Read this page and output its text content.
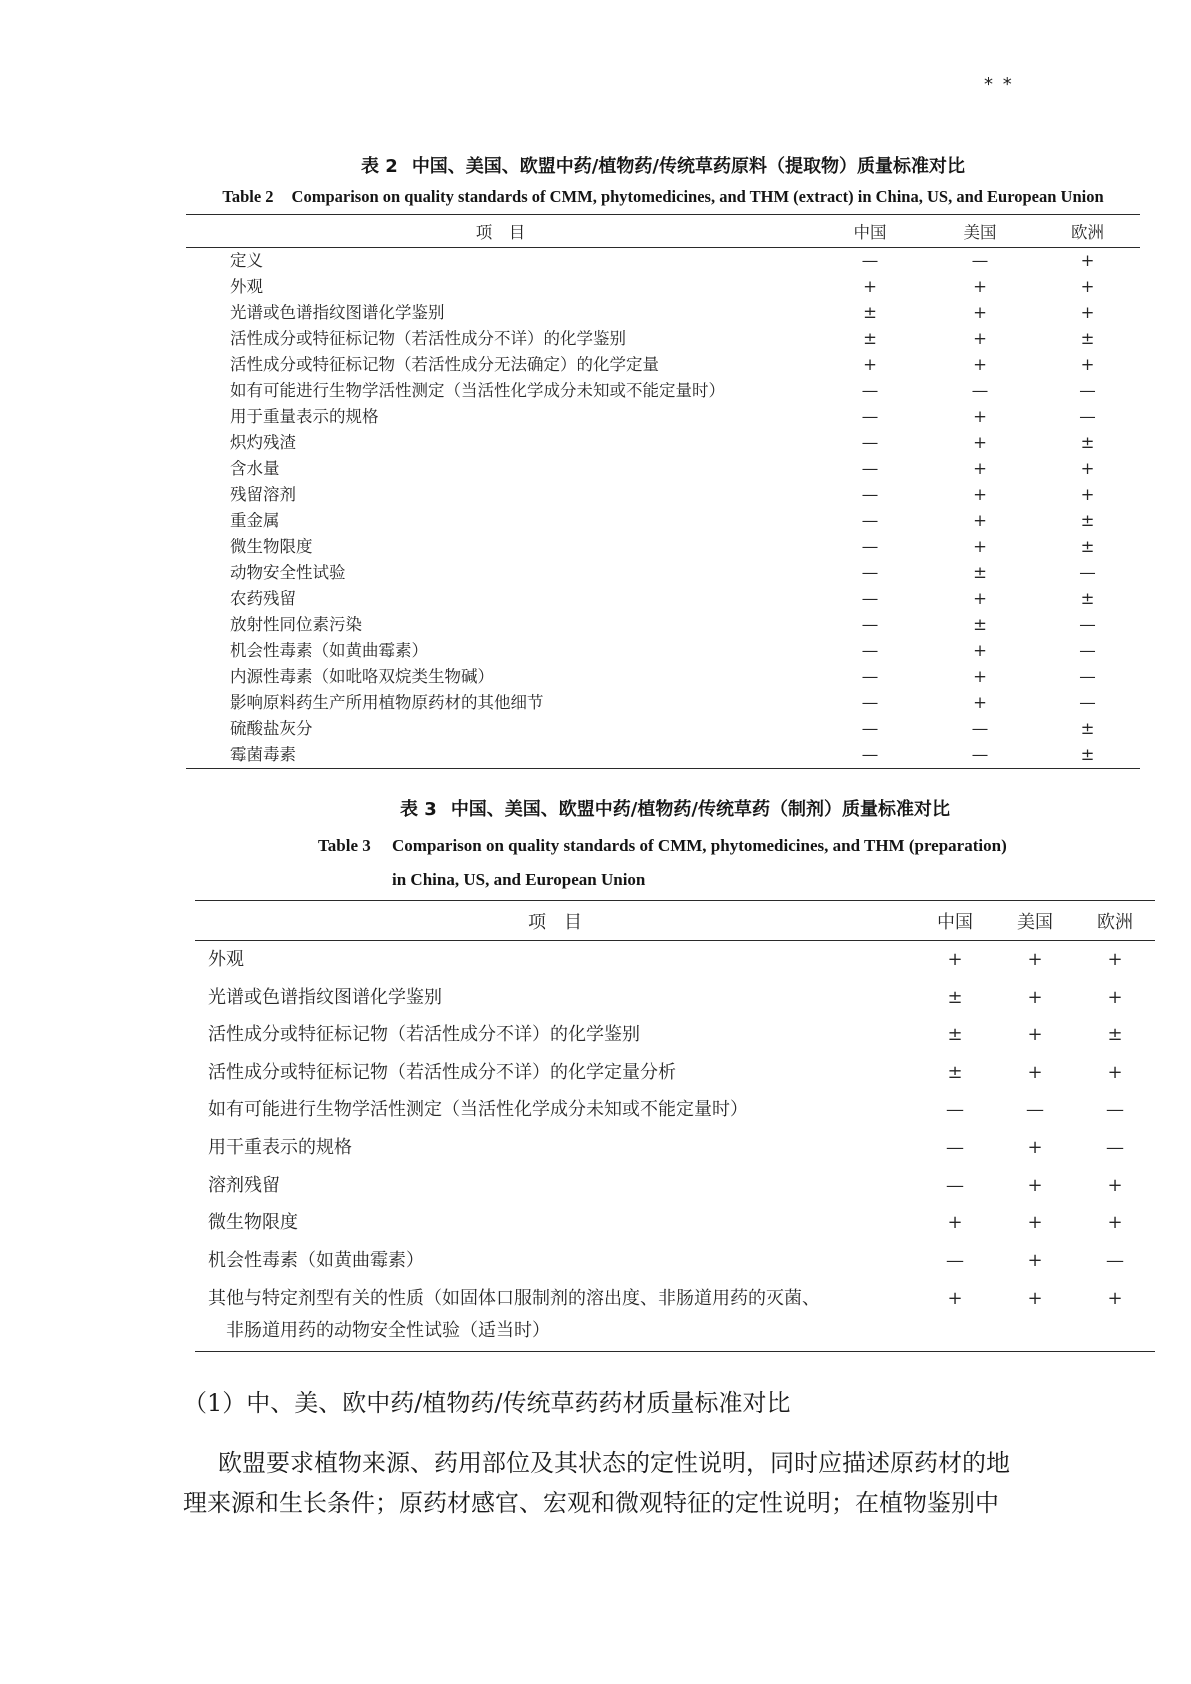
* *
表 2 中国、美国、欧盟中药/植物药/传统草药原料（提取物）质量标准对比
Table 2 Comparison on quality standards of CMM, phytomedicines, and THM (extract) in China, US, and European Union
项　目	中国	美国	欧洲
定义	—	—	+
外观	+	+	+
光谱或色谱指纹图谱化学鉴别	±	+	+
活性成分或特征标记物（若活性成分不详）的化学鉴别	±	+	±
活性成分或特征标记物（若活性成分无法确定）的化学定量	+	+	+
如有可能进行生物学活性测定（当活性化学成分未知或不能定量时）	—	—	—
用于重量表示的规格	—	+	—
炽灼残渣	—	+	±
含水量	—	+	+
残留溶剂	—	+	+
重金属	—	+	±
微生物限度	—	+	±
动物安全性试验	—	±	—
农药残留	—	+	±
放射性同位素污染	—	±	—
机会性毒素（如黄曲霉素）	—	+	—
内源性毒素（如吡咯双烷类生物碱）	—	+	—
影响原料药生产所用植物原药材的其他细节	—	+	—
硫酸盐灰分	—	—	±
霉菌毒素	—	—	±
表 3 中国、美国、欧盟中药/植物药/传统草药（制剂）质量标准对比
Table 3 Comparison on quality standards of CMM, phytomedicines, and THM (preparation)
in China, US, and European Union
项　目	中国	美国	欧洲
外观	+	+	+
光谱或色谱指纹图谱化学鉴别	±	+	+
活性成分或特征标记物（若活性成分不详）的化学鉴别	±	+	±
活性成分或特征标记物（若活性成分不详）的化学定量分析	±	+	+
如有可能进行生物学活性测定（当活性化学成分未知或不能定量时）	—	—	—
用干重表示的规格	—	+	—
溶剂残留	—	+	+
微生物限度	+	+	+
机会性毒素（如黄曲霉素）	—	+	—
其他与特定剂型有关的性质（如固体口服制剂的溶出度、非肠道用药的灭菌、
非肠道用药的动物安全性试验（适当时）
+	+	+
（1）中、美、欧中药/植物药/传统草药药材质量标准对比
欧盟要求植物来源、药用部位及其状态的定性说明，同时应描述原药材的地
理来源和生长条件；原药材感官、宏观和微观特征的定性说明；在植物鉴别中
